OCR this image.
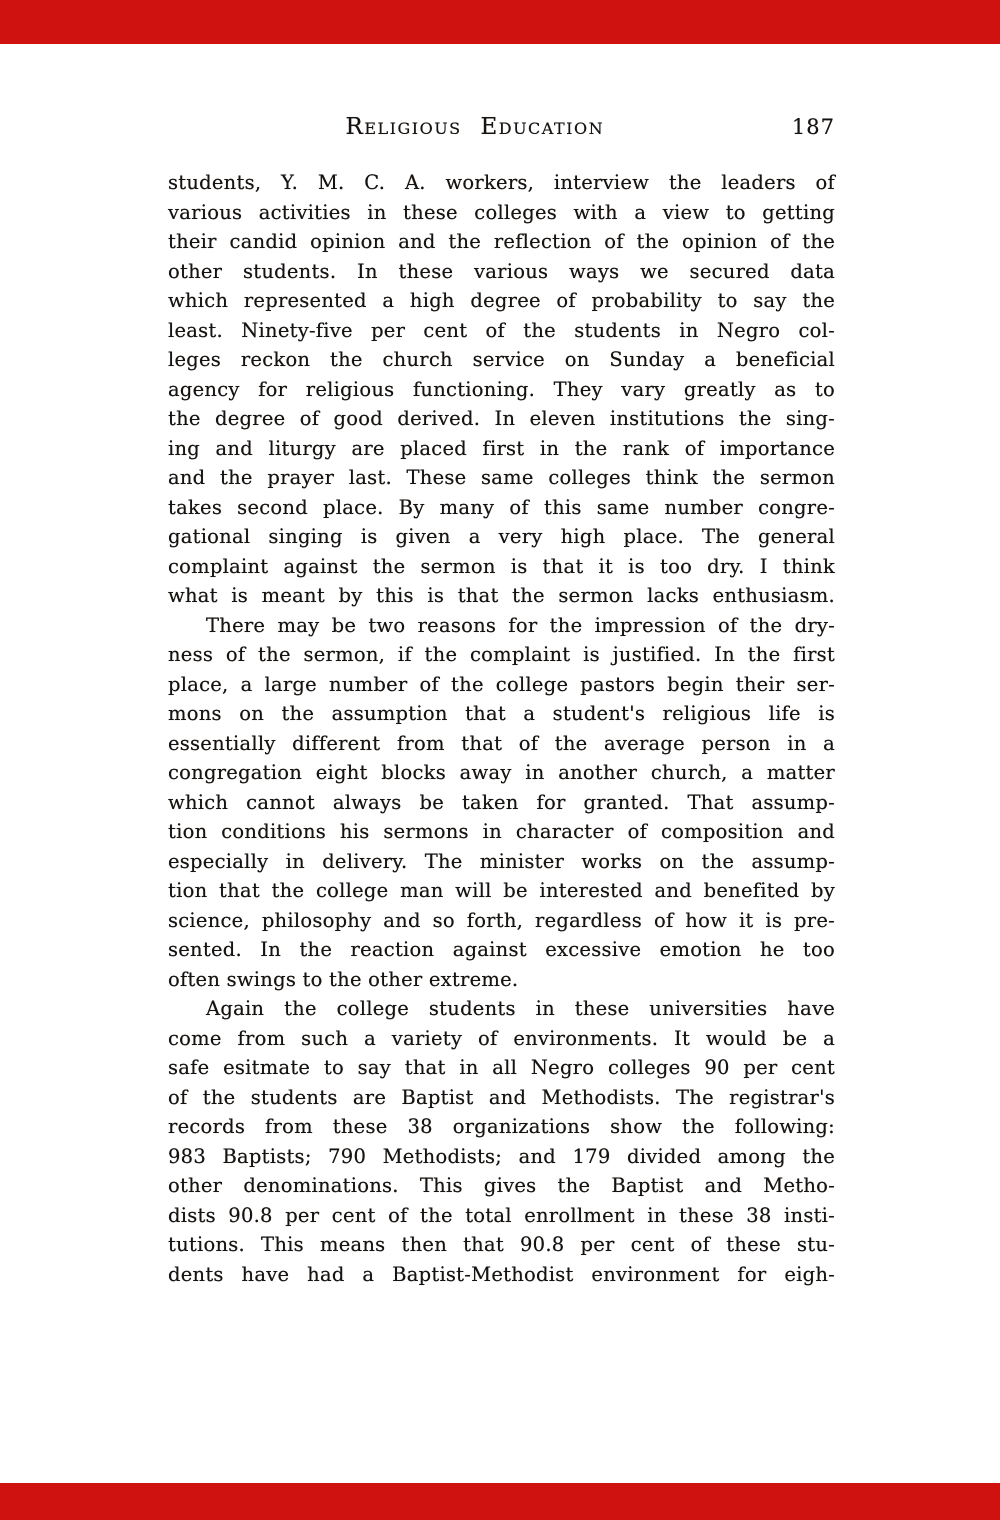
Religious Education	187
students, Y. M. C. A. workers, interview the leaders of
various activities in these colleges with a view to getting
their candid opinion and the reflection of the opinion of the
other students. In these various ways we secured data
which represented a high degree of probability to say the
least. Ninety-five per cent of the students in Negro col-
leges reckon the church service on Sunday a beneficial
agency for religious functioning. They vary greatly as to
the degree of good derived. In eleven institutions the sing-
ing and liturgy are placed first in the rank of importance
and the prayer last. These same colleges think the sermon
takes second place. By many of this same number congre-
gational singing is given a very high place. The general
complaint against the sermon is that it is too dry. I think
what is meant by this is that the sermon lacks enthusiasm.
There may be two reasons for the impression of the dry-
ness of the sermon, if the complaint is justified. In the first
place, a large number of the college pastors begin their ser-
mons on the assumption that a student's religious life is
essentially different from that of the average person in a
congregation eight blocks away in another church, a matter
which cannot always be taken for granted. That assump-
tion conditions his sermons in character of composition and
especially in delivery. The minister works on the assump-
tion that the college man will be interested and benefited by
science, philosophy and so forth, regardless of how it is pre-
sented. In the reaction against excessive emotion he too
often swings to the other extreme.
Again the college students in these universities have
come from such a variety of environments. It would be a
safe esitmate to say that in all Negro colleges 90 per cent
of the students are Baptist and Methodists. The registrar's
records from these 38 organizations show the following:
983 Baptists; 790 Methodists; and 179 divided among the
other denominations. This gives the Baptist and Metho-
dists 90.8 per cent of the total enrollment in these 38 insti-
tutions. This means then that 90.8 per cent of these stu-
dents have had a Baptist-Methodist environment for eigh-
